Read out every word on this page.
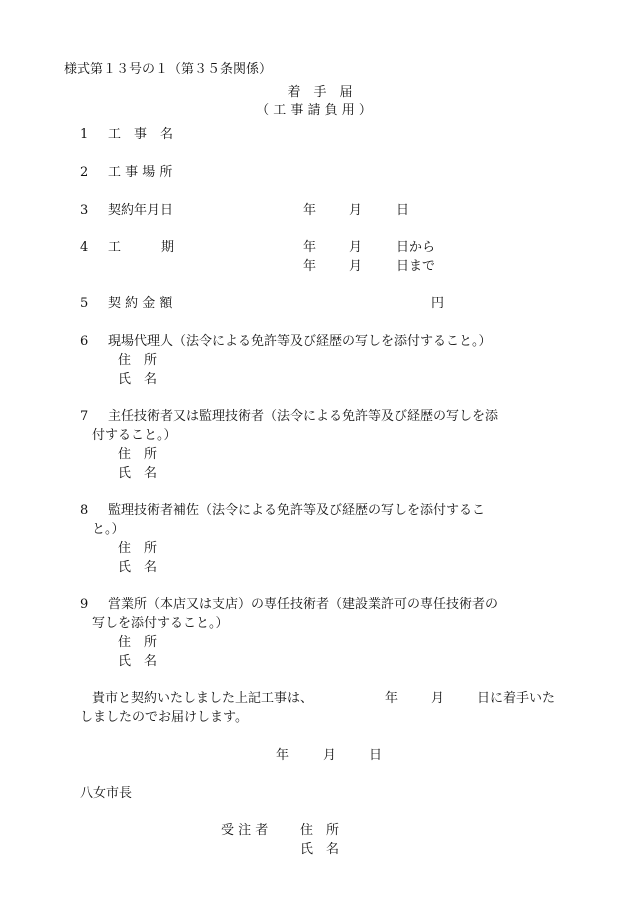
様式第１３号の１（第３５条関係）
着　手　届
（ 工 事 請 負 用 ）
1 工　事　名
2 工 事 場 所
3 契約年月日	年	月	日
4 工	期	年	月	日から
年	月	日まで
5 契 約 金 額	円
6 現場代理人（法令による免許等及び経歴の写しを添付すること。）
住　所
氏　名
7 主任技術者又は監理技術者（法令による免許等及び経歴の写しを添
付すること。）
住　所
氏　名
8 監理技術者補佐（法令による免許等及び経歴の写しを添付するこ
と。）
住　所
氏　名
9 営業所（本店又は支店）の専任技術者（建設業許可の専任技術者の
写しを添付すること。）
住　所
氏　名
貴市と契約いたしました上記工事は、	年	月	日に着手いた
しましたのでお届けします。
年	月	日
八女市長
受 注 者 住　所
氏　名
